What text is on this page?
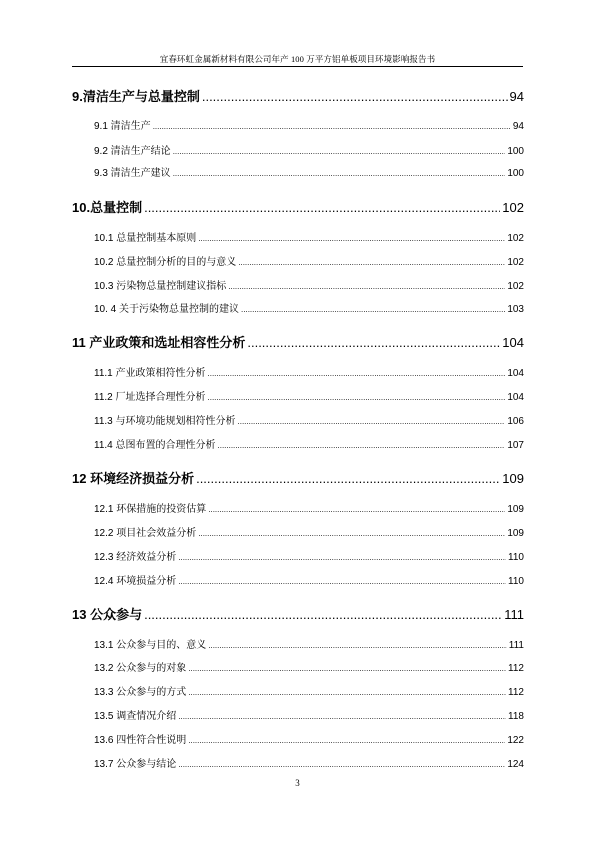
宜春环虹金属新材料有限公司年产 100 万平方铝单板项目环境影响报告书
9.清洁生产与总量控制 .....	94
9.1 清洁生产 .....	94
9.2 清洁生产结论 .....	100
9.3 清洁生产建议 .....	100
10.总量控制 .....	102
10.1 总量控制基本原则 .....	102
10.2 总量控制分析的目的与意义 .....	102
10.3 污染物总量控制建议指标 .....	102
10. 4 关于污染物总量控制的建议 .....	103
11 产业政策和选址相容性分析 .....	104
11.1 产业政策相符性分析 .....	104
11.2 厂址选择合理性分析 .....	104
11.3 与环境功能规划相符性分析 .....	106
11.4 总图布置的合理性分析 .....	107
12 环境经济损益分析 .....	109
12.1 环保措施的投资估算 .....	109
12.2 项目社会效益分析 .....	109
12.3 经济效益分析 .....	110
12.4 环境损益分析 .....	110
13 公众参与 .....	111
13.1 公众参与目的、意义 .....	111
13.2 公众参与的对象 .....	112
13.3 公众参与的方式 .....	112
13.5 调查情况介绍 .....	118
13.6 四性符合性说明 .....	122
13.7 公众参与结论 .....	124
3
